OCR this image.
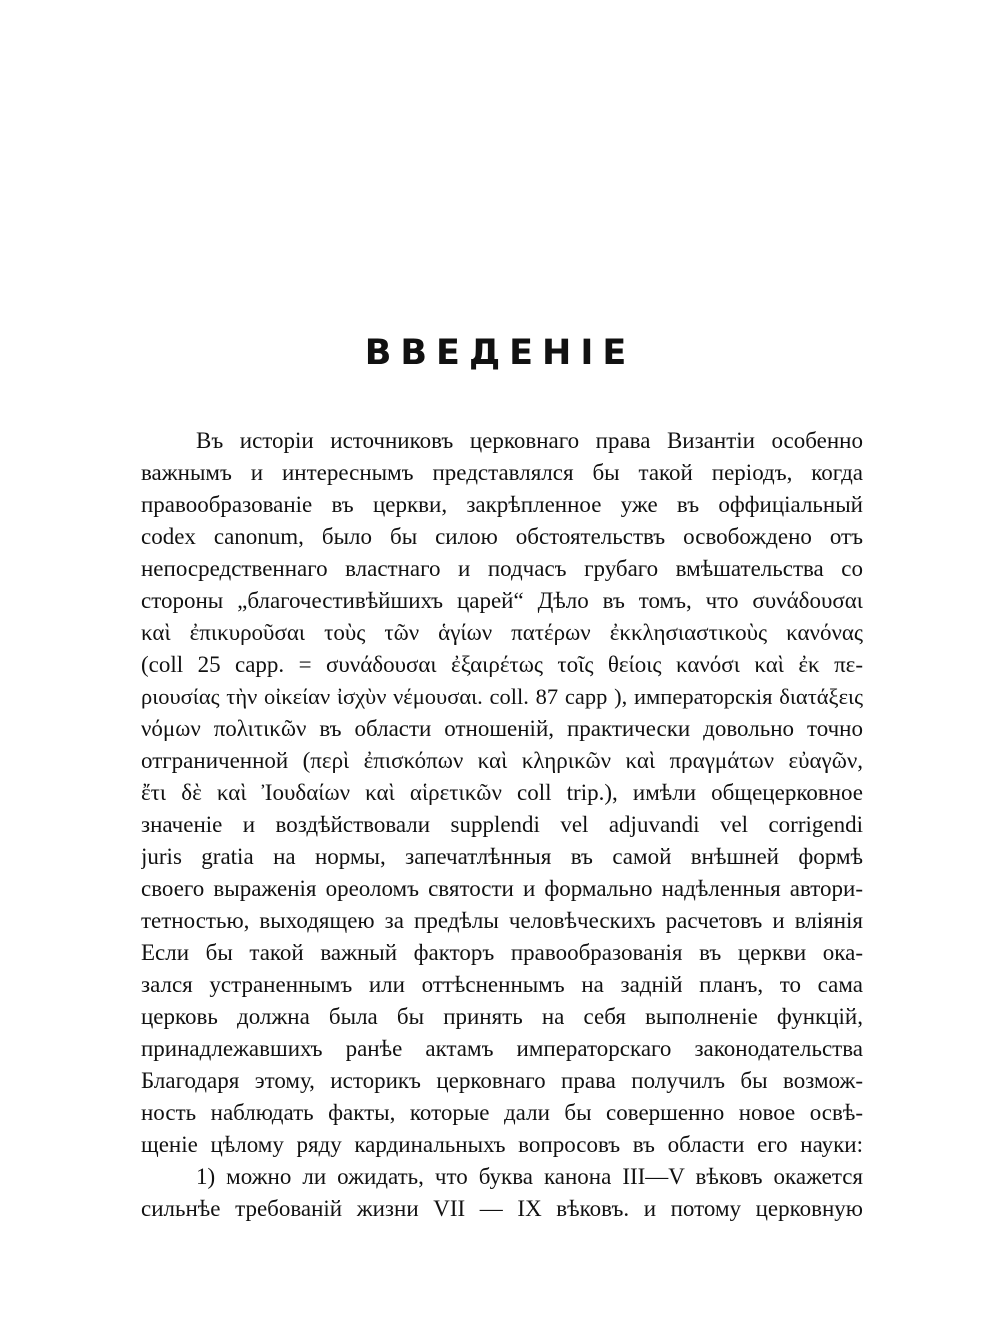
ВВЕДЕНІЕ
Въ исторіи источниковъ церковнаго права Византіи особенно
важнымъ и интереснымъ представлялся бы такой періодъ, когда
правообразованіе въ церкви, закрѣпленное уже въ оффиціальный
codex canonum, было бы силою обстоятельствъ освобождено отъ
непосредственнаго властнаго и подчасъ грубаго вмѣшательства со
стороны „благочестивѣйшихъ царей“ Дѣло въ томъ, что συνάδουσαι
καὶ ἐπικυροῦσαι τοὺς τῶν ἁγίων πατέρων ἐκκλησιαστικοὺς κανόνας
(coll 25 capp. = συνάδουσαι ἐξαιρέτως τοῖς θείοις κανόσι καὶ ἐκ πε-
ριουσίας τὴν οἰκείαν ἰσχὺν νέμουσαι. coll. 87 capp ), императорскія διατάξεις
νόμων πολιτικῶν въ области отношеній, практически довольно точно
отграниченной (περὶ ἐπισκόπων καὶ κληρικῶν καὶ πραγμάτων εὐαγῶν,
ἔτι δὲ καὶ Ἰουδαίων καὶ αἱρετικῶν coll trip.), имѣли общецерковное
значеніе и воздѣйствовали supplendi vel adjuvandi vel corrigendi
juris gratia на нормы, запечатлѣнныя въ самой внѣшней формѣ
своего выраженія ореоломъ святости и формально надѣленныя автори-
тетностью, выходящею за предѣлы человѣческихъ расчетовъ и вліянія
Если бы такой важный факторъ правообразованія въ церкви ока-
зался устраненнымъ или оттѣсненнымъ на задній планъ, то сама
церковь должна была бы принять на себя выполненіе функцій,
принадлежавшихъ ранѣе актамъ императорскаго законодательства
Благодаря этому, историкъ церковнаго права получилъ бы возмож-
ность наблюдать факты, которые дали бы совершенно новое освѣ-
щеніе цѣлому ряду кардинальныхъ вопросовъ въ области его науки:
1) можно ли ожидать, что буква канона III—V вѣковъ окажется
сильнѣе требованій жизни VII — IX вѣковъ. и потому церковную
